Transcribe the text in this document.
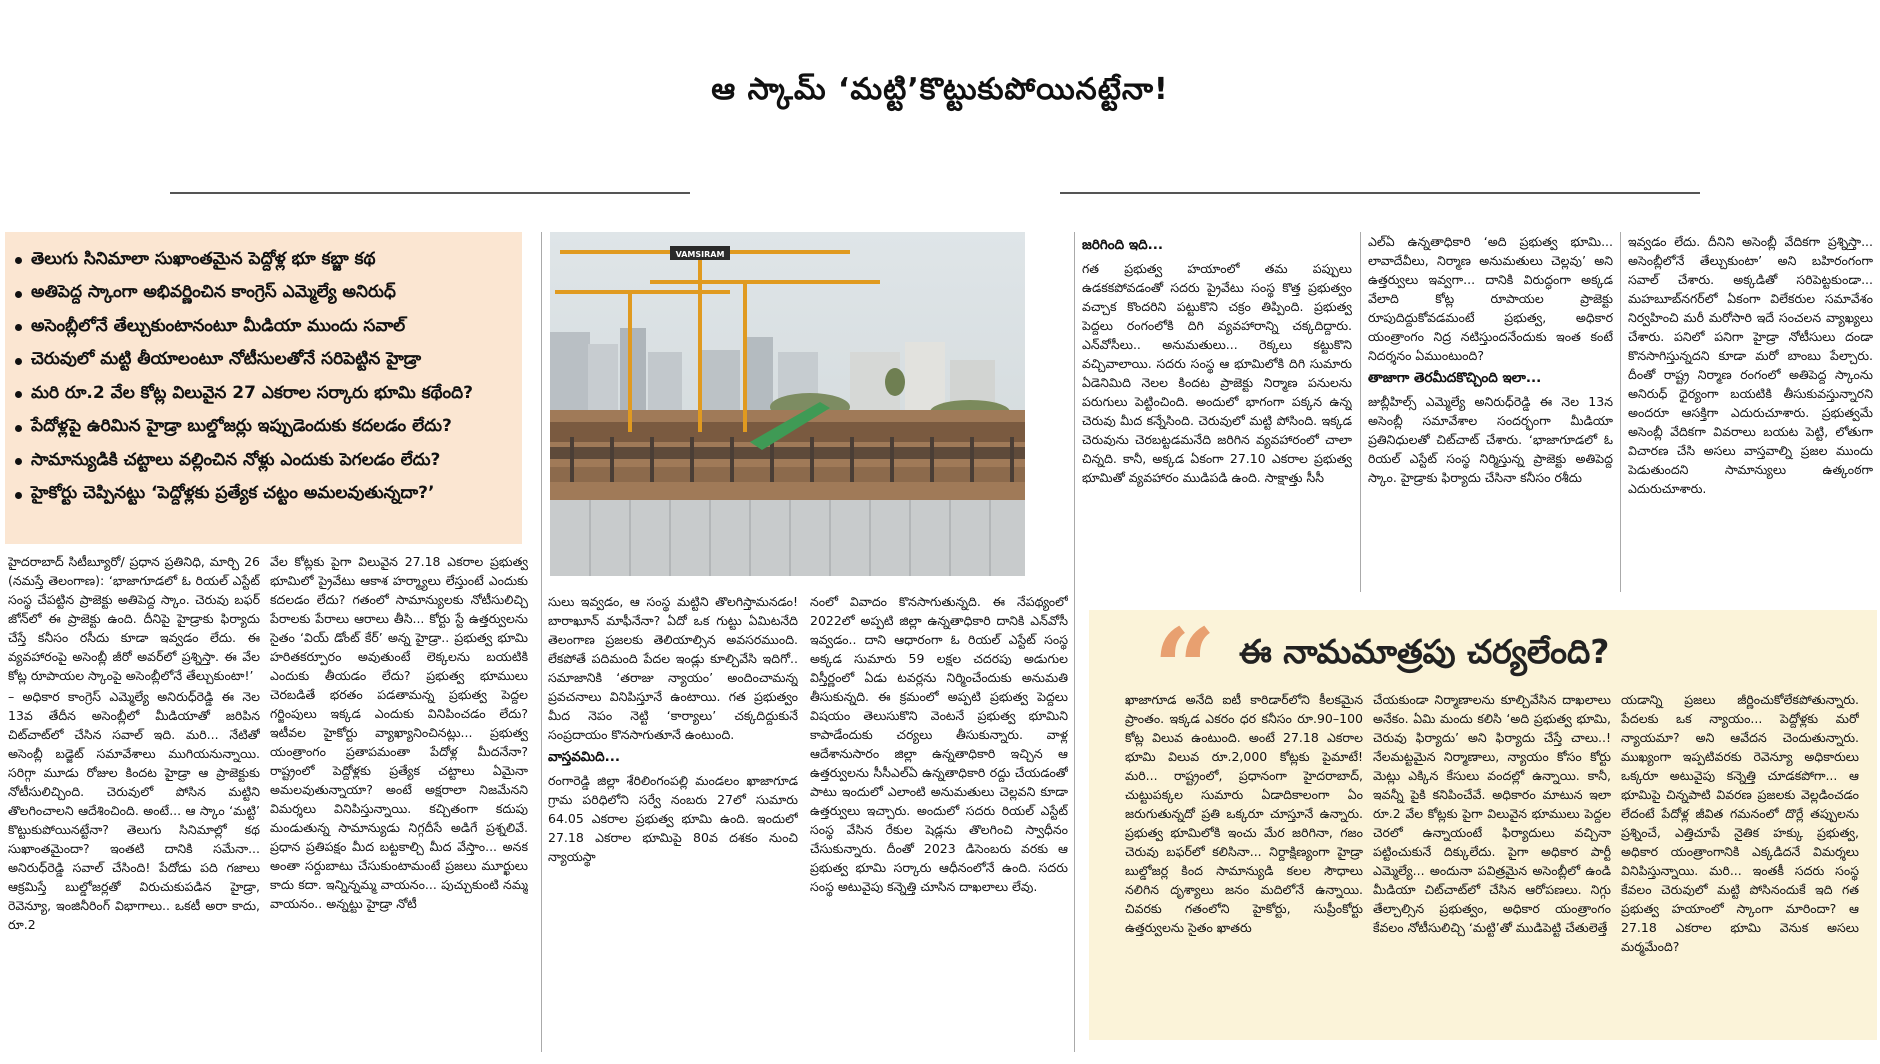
ఆ స్కామ్ ‘మట్టి’కొట్టుకుపోయినట్టేనా!
తెలుగు సినిమాలా సుఖాంతమైన పెద్దోళ్ల భూ కబ్జా కథ
అతిపెద్ద స్కాంగా అభివర్ణించిన కాంగ్రెస్ ఎమ్మెల్యే అనిరుధ్
అసెంబ్లీలోనే తేల్చుకుంటానంటూ మీడియా ముందు సవాల్
చెరువులో మట్టి తీయాలంటూ నోటీసులతోనే సరిపెట్టిన హైడ్రా
మరి రూ.2 వేల కోట్ల విలువైన 27 ఎకరాల సర్కారు భూమి కథేంది?
పేదోళ్లపై ఉరిమిన హైడ్రా బుల్డోజర్లు ఇప్పుడెందుకు కదలడం లేదు?
సామాన్యుడికి చట్టాలు వల్లించిన నోళ్లు ఎందుకు పెగలడం లేదు?
హైకోర్టు చెప్పినట్టు ‘పెద్దోళ్లకు ప్రత్యేక చట్టం అమలవుతున్నదా?’
VAMSIRAM

హైదరాబాద్ సిటీబ్యూరో/ ప్రధాన ప్రతినిధి, మార్చి 26 (నమస్తే తెలంగాణ): ‘భాజాగూడలో ఓ రియల్ ఎస్టేట్ సంస్థ చేపట్టిన ప్రాజెక్టు అతిపెద్ద స్కాం. చెరువు బఫర్ జోన్‌లో ఈ ప్రాజెక్టు ఉంది. దీనిపై హైడ్రాకు ఫిర్యాదు చేస్తే కనీసం రసీదు కూడా ఇవ్వడం లేదు. ఈ వ్యవహారంపై అసెంబ్లీ జీరో అవర్‌లో ప్రశ్నిస్తా. ఈ వేల కోట్ల రూపాయల స్కాంపై అసెంబ్లీలోనే తేల్చుకుంటా!’

– అధికార కాంగ్రెస్ ఎమ్మెల్యే అనిరుధ్‌రెడ్డి ఈ నెల 13వ తేదీన అసెంబ్లీలో మీడియాతో జరిపిన చిట్‌చాట్‌లో చేసిన సవాల్ ఇది. మరి... నేటితో అసెంబ్లీ బడ్జెట్ సమావేశాలు ముగియనున్నాయి. సరిగ్గా మూడు రోజుల కిందట హైడ్రా ఆ ప్రాజెక్టుకు నోటీసులిచ్చింది. చెరువులో పోసిన మట్టిని తొలగించాలని ఆదేశించింది. అంటే... ఆ స్కాం ‘మట్టి’ కొట్టుకుపోయినట్టేనా? తెలుగు సినిమాల్లో కథ సుఖాంతమైందా? ఇంతటి దానికి సమేనా... అనిరుధ్‌రెడ్డి సవాల్ చేసింది! పేదోడు పది గజాలు ఆక్రమిస్తే బుల్డోజర్లతో విరుచుకుపడిన హైడ్రా, రెవెన్యూ, ఇంజినీరింగ్ విభాగాలు.. ఒకటీ అరా కాదు, రూ.2

వేల కోట్లకు పైగా విలువైన 27.18 ఎకరాల ప్రభుత్వ భూమిలో ప్రైవేటు ఆకాశ హర్మ్యాలు లేస్తుంటే ఎందుకు కదలడం లేదు? గతంలో సామాన్యులకు నోటీసులిచ్చి పేరాలకు పేరాలు ఆరాలు తీసి... కోర్టు స్టే ఉత్తర్వులను సైతం ‘వియ్ డోంట్ కేర్’ అన్న హైడ్రా.. ప్రభుత్వ భూమి హరితకర్పూరం అవుతుంటే లెక్కలను బయటికి ఎందుకు తీయడం లేదు? ప్రభుత్వ భూములు చెరబడితే భరతం పడతామన్న ప్రభుత్వ పెద్దల గర్జింపులు ఇక్కడ ఎందుకు వినిపించడం లేదు? ఇటీవల హైకోర్టు వ్యాఖ్యానించినట్లు... ప్రభుత్వ యంత్రాంగం ప్రతాపమంతా పేదోళ్ల మీదనేనా? రాష్ట్రంలో పెద్దోళ్లకు ప్రత్యేక చట్టాలు ఏమైనా అమలవుతున్నాయా? అంటే అక్షరాలా నిజమేనని విమర్శలు వినిపిస్తున్నాయి. కచ్చితంగా కదుపు మండుతున్న సామాన్యుడు నిగ్గదీసే అడిగే ప్రశ్నలివే. ప్రధాన ప్రతిపక్షం మీద బట్టకాల్చి మీద వేస్తాం... అనక అంతా సర్దుబాటు చేసుకుంటామంటే ప్రజలు మూర్ఖులు కాదు కదా. ఇన్నిన్నమ్మ వాయనం... పుచ్చుకుంటి నమ్మ వాయనం.. అన్నట్టు హైడ్రా నోటీ

సులు ఇవ్వడం, ఆ సంస్థ మట్టిని తొలగిస్తామనడం! బారాఖూన్ మాఫీనేనా? ఏదో ఒక గుట్టు ఏమిటనేది తెలంగాణ ప్రజలకు తెలియాల్సిన అవసరముంది. లేకపోతే పదిమంది పేదల ఇండ్లు కూల్చివేసి ఇదిగో.. సమాజానికి ‘తరాజు న్యాయం’ అందించామన్న ప్రవచనాలు వినిపిస్తూనే ఉంటాయి. గత ప్రభుత్వం మీద నెపం నెట్టి ‘కార్యాలు’ చక్కదిద్దుకునే సంప్రదాయం కొనసాగుతూనే ఉంటుంది.

వాస్తవమిది...

రంగారెడ్డి జిల్లా శేరిలింగంపల్లి మండలం ఖాజాగూడ గ్రామ పరిధిలోని సర్వే నంబరు 27లో సుమారు 64.05 ఎకరాల ప్రభుత్వ భూమి ఉంది. ఇందులో 27.18 ఎకరాల భూమిపై 80వ దశకం నుంచి న్యాయస్థా

నంలో వివాదం కొనసాగుతున్నది. ఈ నేపథ్యంలో 2022లో అప్పటి జిల్లా ఉన్నతాధికారి దానికి ఎన్‌వోసీ ఇవ్వడం.. దాని ఆధారంగా ఓ రియల్ ఎస్టేట్ సంస్థ అక్కడ సుమారు 59 లక్షల చదరపు అడుగుల విస్తీర్ణంలో ఏడు టవర్లను నిర్మించేందుకు అనుమతి తీసుకున్నది. ఈ క్రమంలో అప్పటి ప్రభుత్వ పెద్దలు విషయం తెలుసుకొని వెంటనే ప్రభుత్వ భూమిని కాపాడేందుకు చర్యలు తీసుకున్నారు. వాళ్ల ఆదేశానుసారం జిల్లా ఉన్నతాధికారి ఇచ్చిన ఆ ఉత్తర్వులను సీసీఎల్‌ఏ ఉన్నతాధికారి రద్దు చేయడంతో పాటు ఇందులో ఎలాంటి అనుమతులు చెల్లవని కూడా ఉత్తర్వులు ఇచ్చారు. అందులో సదరు రియల్ ఎస్టేట్ సంస్థ వేసిన రేకుల షెడ్లను తొలగించి స్వాధీనం చేసుకున్నారు. దీంతో 2023 డిసెంబరు వరకు ఆ ప్రభుత్వ భూమి సర్కారు ఆధీనంలోనే ఉంది. సదరు సంస్థ అటువైపు కన్నెత్తి చూసిన దాఖలాలు లేవు.

జరిగింది ఇది...

గత ప్రభుత్వ హయాంలో తమ పప్పులు ఉడకకపోవడంతో సదరు ప్రైవేటు సంస్థ కొత్త ప్రభుత్వం వచ్చాక కొందరిని పట్టుకొని చక్రం తిప్పింది. ప్రభుత్వ పెద్దలు రంగంలోకి దిగి వ్యవహారాన్ని చక్కదిద్దారు. ఎన్‌వోసీలు.. అనుమతులు... రెక్కలు కట్టుకొని వచ్చివాలాయి. సదరు సంస్థ ఆ భూమిలోకి దిగి సుమారు ఏడెనిమిది నెలల కిందట ప్రాజెక్టు నిర్మాణ పనులను పరుగులు పెట్టించింది. అందులో భాగంగా పక్కన ఉన్న చెరువు మీద కన్నేసింది. చెరువులో మట్టి పోసింది. ఇక్కడ చెరువును చెరబట్టడమనేది జరిగిన వ్యవహారంలో చాలా చిన్నది. కానీ, అక్కడ ఏకంగా 27.10 ఎకరాల ప్రభుత్వ భూమితో వ్యవహారం ముడిపడి ఉంది. సాక్షాత్తు సీసీ

ఎల్‌ఏ ఉన్నతాధికారి ‘అది ప్రభుత్వ భూమి... లావాదేవీలు, నిర్మాణ అనుమతులు చెల్లవు’ అని ఉత్తర్వులు ఇవ్వగా... దానికి విరుద్ధంగా అక్కడ వేలాది కోట్ల రూపాయల ప్రాజెక్టు రూపుదిద్దుకోవడమంటే ప్రభుత్వ, అధికార యంత్రాంగం నిద్ర నటిస్తుందనేందుకు ఇంత కంటే నిదర్శనం ఏముంటుంది?

తాజాగా తెరమీదకొచ్చింది ఇలా...

జుబ్లీహిల్స్ ఎమ్మెల్యే అనిరుధ్‌రెడ్డి ఈ నెల 13న అసెంబ్లీ సమావేశాల సందర్భంగా మీడియా ప్రతినిధులతో చిట్‌చాట్ చేశారు. ‘భాజాగూడలో ఓ రియల్ ఎస్టేట్ సంస్థ నిర్మిస్తున్న ప్రాజెక్టు అతిపెద్ద స్కాం. హైడ్రాకు ఫిర్యాదు చేసినా కనీసం రశీదు

ఇవ్వడం లేదు. దీనిని అసెంబ్లీ వేదికగా ప్రశ్నిస్తా... అసెంబ్లీలోనే తేల్చుకుంటా’ అని బహిరంగంగా సవాల్ చేశారు. అక్కడితో సరిపెట్టకుండా... మహబూబ్‌నగర్‌లో ఏకంగా విలేకరుల సమావేశం నిర్వహించి మరీ మరోసారి ఇదే సంచలన వ్యాఖ్యలు చేశారు. పనిలో పనిగా హైడ్రా నోటీసులు దండా కొనసాగిస్తున్నదని కూడా మరో బాంబు పేల్చారు. దీంతో రాష్ట్ర నిర్మాణ రంగంలో అతిపెద్ద స్కాంను అనిరుధ్ ధైర్యంగా బయటికి తీసుకువస్తున్నారని అందరూ ఆసక్తిగా ఎదురుచూశారు. ప్రభుత్వమే అసెంబ్లీ వేదికగా వివరాలు బయట పెట్టి, లోతుగా విచారణ చేసి అసలు వాస్తవాల్ని ప్రజల ముందు పెడుతుందని సామాన్యులు ఉత్కంఠగా ఎదురుచూశారు.

“ ఈ నామమాత్రపు చర్యలేంది?

ఖాజాగూడ అనేది ఐటీ కారిడార్‌లోని కీలకమైన ప్రాంతం. ఇక్కడ ఎకరం ధర కనీసం రూ.90–100 కోట్ల విలువ ఉంటుంది. అంటే 27.18 ఎకరాల భూమి విలువ రూ.2,000 కోట్లకు పైమాటే! మరి... రాష్ట్రంలో, ప్రధానంగా హైదరాబాద్, చుట్టుపక్కల సుమారు ఏడాదికాలంగా ఏం జరుగుతున్నదో ప్రతి ఒక్కరూ చూస్తూనే ఉన్నారు. ప్రభుత్వ భూమిలోకి ఇంచు మేర జరిగినా, గజం చెరువు బఫర్‌లో కలిసినా... నిర్దాక్షిణ్యంగా హైడ్రా బుల్డోజర్ల కింద సామాన్యుడి కలల సౌధాలు నలిగిన దృశ్యాలు జనం మదిలోనే ఉన్నాయి. చివరకు గతంలోని హైకోర్టు, సుప్రీంకోర్టు ఉత్తర్వులను సైతం ఖాతరు

చేయకుండా నిర్మాణాలను కూల్చివేసిన దాఖలాలు అనేకం. ఏమి మందు కలిసి ‘అది ప్రభుత్వ భూమి, చెరువు ఫిర్యాదు’ అని ఫిర్యాదు చేస్తే చాలు..! నేలమట్టమైన నిర్మాణాలు, న్యాయం కోసం కోర్టు మెట్లు ఎక్కిన కేసులు వందల్లో ఉన్నాయి. కానీ, ఇవన్నీ పైకి కనిపించేవే. అధికారం మాటున ఇలా రూ.2 వేల కోట్లకు పైగా విలువైన భూములు పెద్దల చెరలో ఉన్నాయంటే ఫిర్యాదులు వచ్చినా పట్టించుకునే దిక్కులేదు. పైగా అధికార పార్టీ ఎమ్మెల్యే... అందునా పవిత్రమైన అసెంబ్లీలో ఉండి మీడియా చిట్‌చాట్‌లో చేసిన ఆరోపణలు. నిగ్గు తేల్చాల్సిన ప్రభుత్వం, అధికార యంత్రాంగం కేవలం నోటీసులిచ్చి ‘మట్టి’తో ముడిపెట్టి చేతులెత్తే

యడాన్ని ప్రజలు జీర్ణించుకోలేకపోతున్నారు. పేదలకు ఒక న్యాయం... పెద్దోళ్లకు మరో న్యాయమా? అని ఆవేదన చెందుతున్నారు. ముఖ్యంగా ఇప్పటివరకు రెవెన్యూ అధికారులు ఒక్కరూ అటువైపు కన్నెత్తి చూడకపోగా... ఆ భూమిపై చిన్నపాటి వివరణ ప్రజలకు వెల్లడించడం లేదంటే పేదోళ్ల జీవిత గమనంలో దొర్లే తప్పులను ప్రశ్నించే, ఎత్తిచూపే నైతిక హక్కు ప్రభుత్వ, అధికార యంత్రాంగానికి ఎక్కడిదనే విమర్శలు వినిపిస్తున్నాయి. మరి... ఇంతకీ సదరు సంస్థ కేవలం చెరువులో మట్టి పోసినందుకే ఇది గత ప్రభుత్వ హయాంలో స్కాంగా మారిందా? ఆ 27.18 ఎకరాల భూమి వెనుక అసలు మర్మమేంది?
